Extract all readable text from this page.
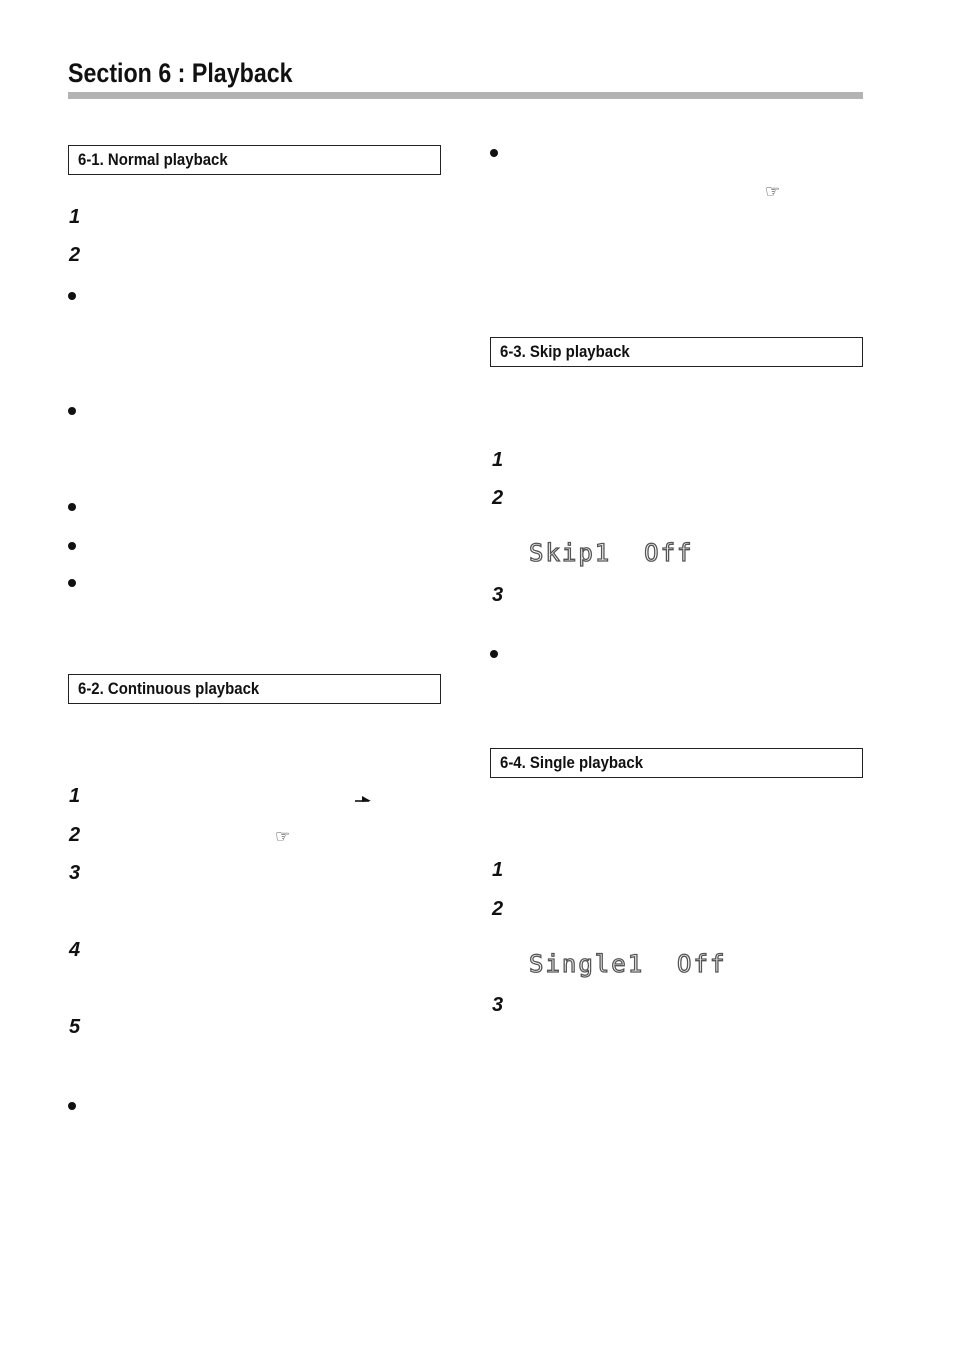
Section 6 : Playback
6-1. Normal playback
1
2
6-2. Continuous playback
1
2	☞
3
4
5
☞
6-3. Skip playback
1
2
Skip1  Off
3
6-4. Single playback
1
2
Single1  Off
3
